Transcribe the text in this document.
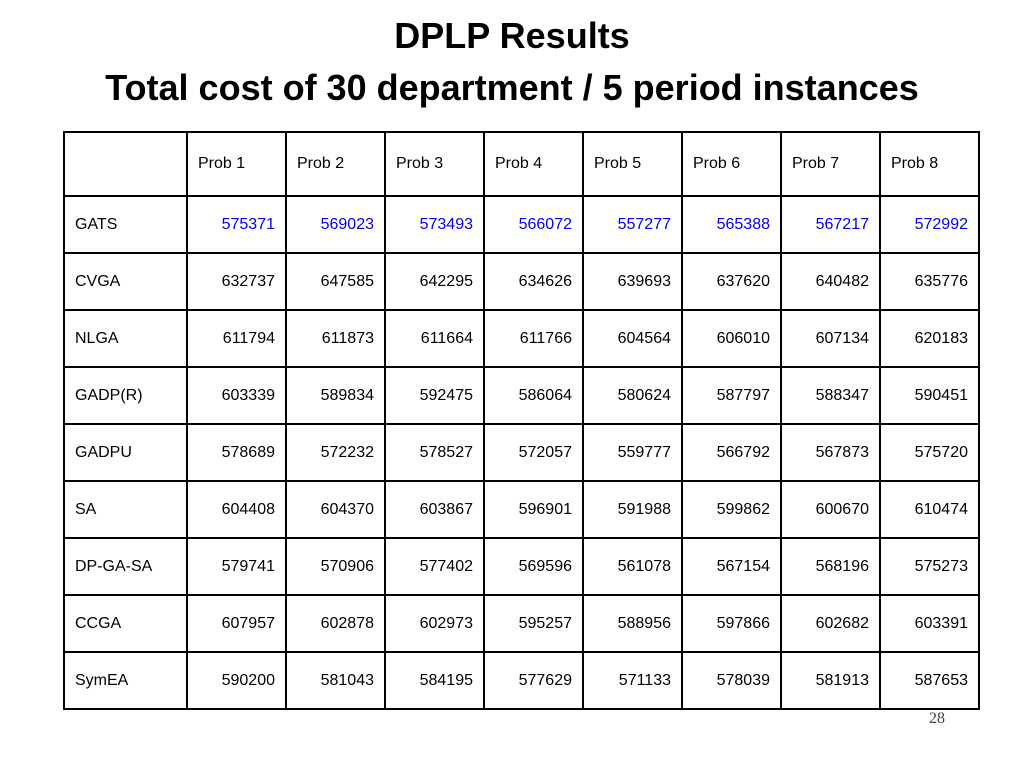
DPLP Results
Total cost of 30 department / 5 period instances
	Prob 1	Prob 2	Prob 3	Prob 4	Prob 5	Prob 6	Prob 7	Prob 8
GATS	575371	569023	573493	566072	557277	565388	567217	572992
CVGA	632737	647585	642295	634626	639693	637620	640482	635776
NLGA	611794	611873	611664	611766	604564	606010	607134	620183
GADP(R)	603339	589834	592475	586064	580624	587797	588347	590451
GADPU	578689	572232	578527	572057	559777	566792	567873	575720
SA	604408	604370	603867	596901	591988	599862	600670	610474
DP-GA-SA	579741	570906	577402	569596	561078	567154	568196	575273
CCGA	607957	602878	602973	595257	588956	597866	602682	603391
SymEA	590200	581043	584195	577629	571133	578039	581913	587653
28
